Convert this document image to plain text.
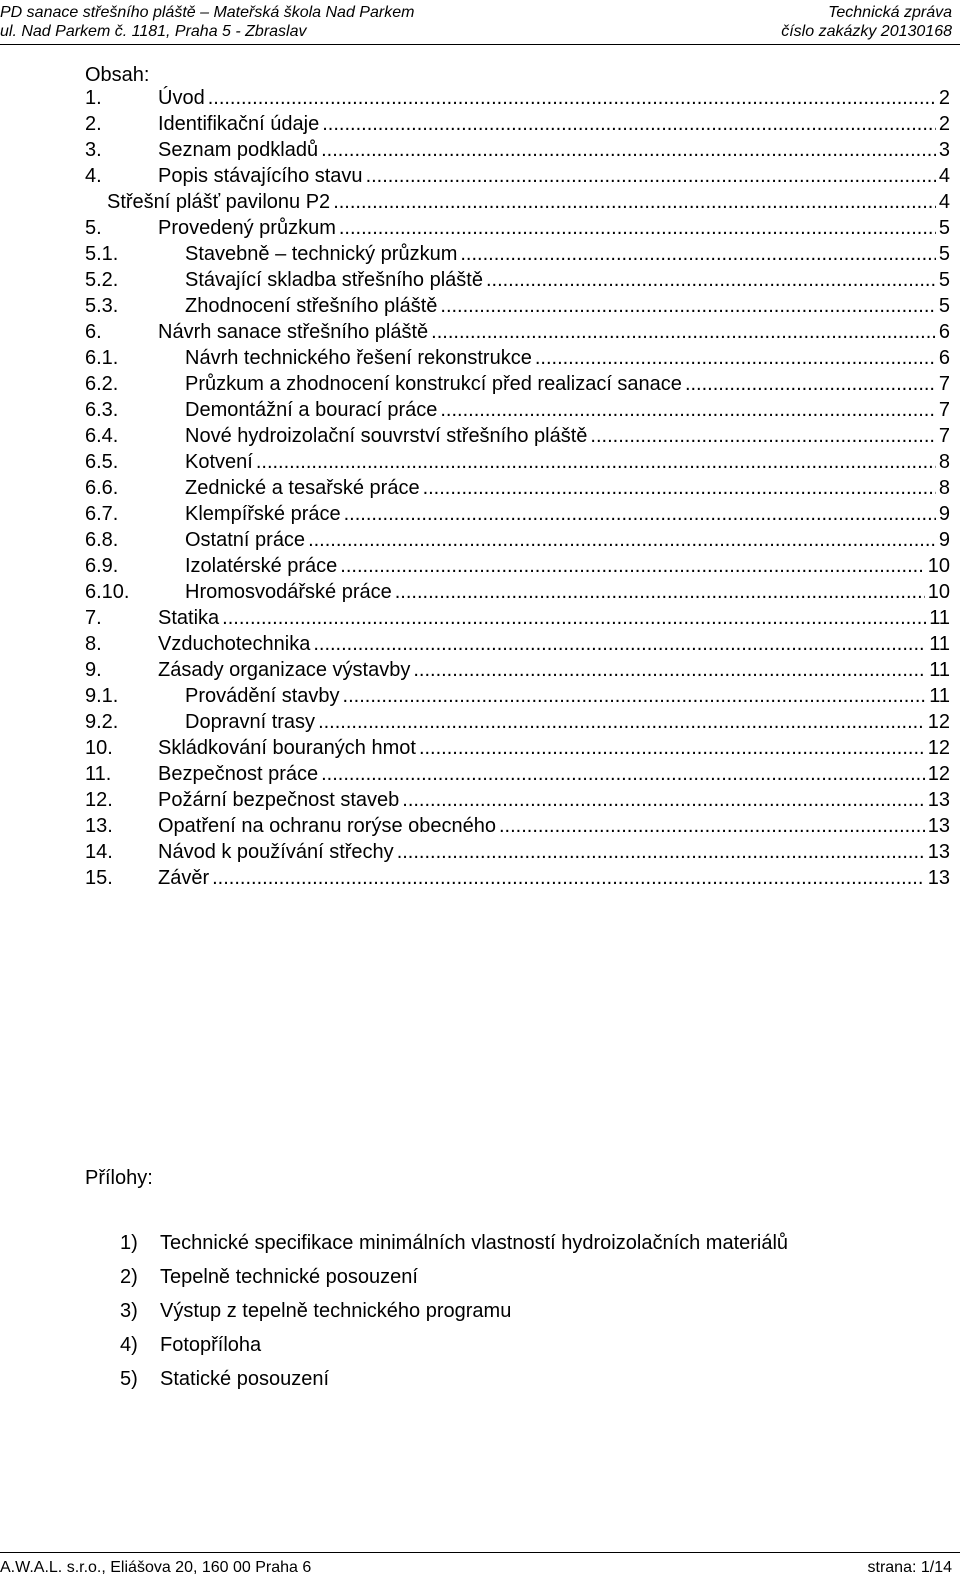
PD sanace střešního pláště – Mateřská škola Nad Parkem	Technická zpráva
ul. Nad Parkem č. 1181, Praha 5 - Zbraslav	číslo zakázky 20130168
Obsah:
1.	Úvod .....	2
2.	Identifikační údaje .....	2
3.	Seznam podkladů .....	3
4.	Popis stávajícího stavu .....	4
Střešní plášť pavilonu P2 .....	4
5.	Provedený průzkum .....	5
5.1.	Stavebně – technický průzkum .....	5
5.2.	Stávající skladba střešního pláště .....	5
5.3.	Zhodnocení střešního pláště .....	5
6.	Návrh sanace střešního pláště .....	6
6.1.	Návrh technického řešení rekonstrukce .....	6
6.2.	Průzkum a zhodnocení konstrukcí před realizací sanace .....	7
6.3.	Demontážní a bourací práce .....	7
6.4.	Nové hydroizolační souvrství střešního pláště .....	7
6.5.	Kotvení .....	8
6.6.	Zednické a tesařské práce .....	8
6.7.	Klempířské práce .....	9
6.8.	Ostatní práce .....	9
6.9.	Izolatérské práce .....	10
6.10.	Hromosvodářské práce .....	10
7.	Statika .....	11
8.	Vzduchotechnika .....	11
9.	Zásady organizace výstavby .....	11
9.1.	Provádění stavby .....	11
9.2.	Dopravní trasy .....	12
10.	Skládkování bouraných hmot .....	12
11.	Bezpečnost práce .....	12
12.	Požární bezpečnost staveb .....	13
13.	Opatření na ochranu rorýse obecného .....	13
14.	Návod k používání střechy .....	13
15.	Závěr .....	13
Přílohy:
1)	Technické specifikace minimálních vlastností hydroizolačních materiálů
2)	Tepelně technické posouzení
3)	Výstup z tepelně technického programu
4)	Fotopříloha
5)	Statické posouzení
A.W.A.L. s.r.o., Eliášova 20, 160 00 Praha 6	strana: 1/14
